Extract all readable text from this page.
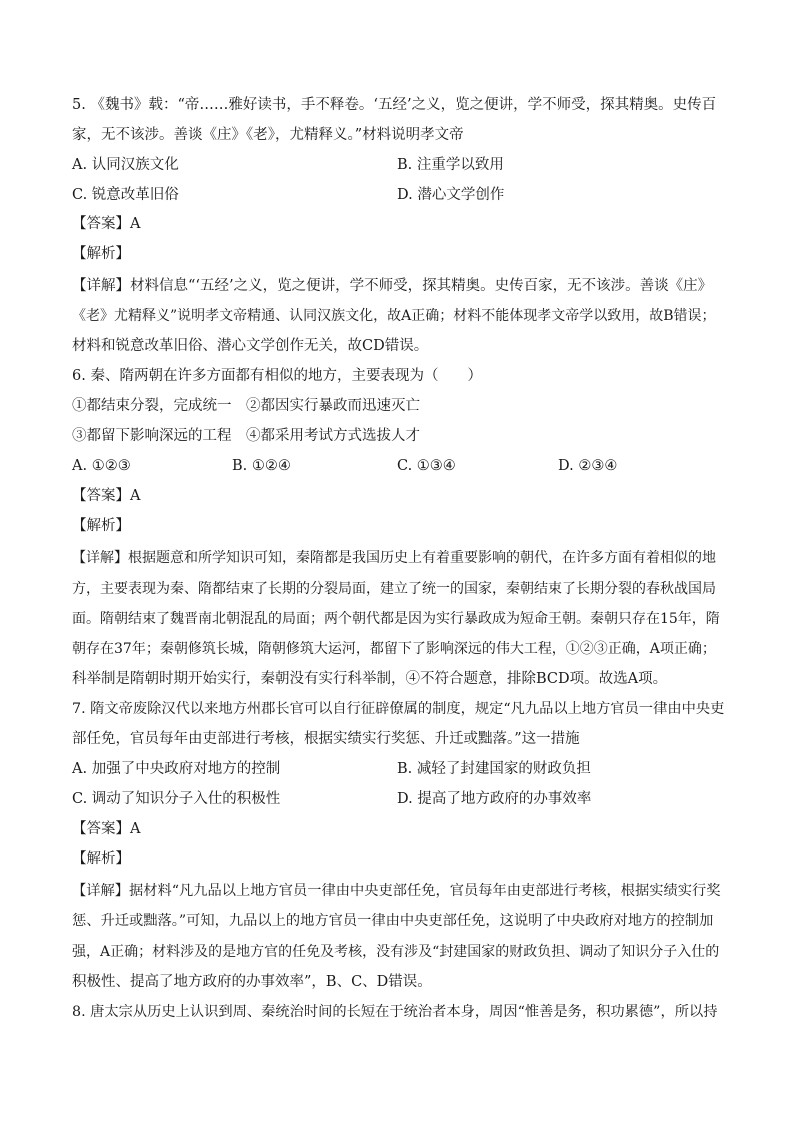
5. 《魏书》载：“帝……雅好读书，手不释卷。‘五经’之义，览之便讲，学不师受，探其精奥。史传百
家，无不该涉。善谈《庄》《老》，尤精释义。”材料说明孝文帝
A. 认同汉族文化	B. 注重学以致用
C. 锐意改革旧俗	D. 潜心文学创作
【答案】A
【解析】
【详解】材料信息“‘五经’之义，览之便讲，学不师受，探其精奥。史传百家，无不该涉。善谈《庄》
《老》尤精释义”说明孝文帝精通、认同汉族文化，故A正确；材料不能体现孝文帝学以致用，故B错误；
材料和锐意改革旧俗、潜心文学创作无关，故CD错误。
6. 秦、隋两朝在许多方面都有相似的地方，主要表现为（　　）
①都结束分裂，完成统一　②都因实行暴政而迅速灭亡
③都留下影响深远的工程　④都采用考试方式选拔人才
A. ①②③	B. ①②④	C. ①③④	D. ②③④
【答案】A
【解析】
【详解】根据题意和所学知识可知，秦隋都是我国历史上有着重要影响的朝代，在许多方面有着相似的地
方，主要表现为秦、隋都结束了长期的分裂局面，建立了统一的国家，秦朝结束了长期分裂的春秋战国局
面。隋朝结束了魏晋南北朝混乱的局面；两个朝代都是因为实行暴政成为短命王朝。秦朝只存在15年，隋
朝存在37年；秦朝修筑长城，隋朝修筑大运河，都留下了影响深远的伟大工程，①②③正确，A项正确；
科举制是隋朝时期开始实行，秦朝没有实行科举制，④不符合题意，排除BCD项。故选A项。
7. 隋文帝废除汉代以来地方州郡长官可以自行征辟僚属的制度，规定“凡九品以上地方官员一律由中央吏
部任免，官员每年由吏部进行考核，根据实绩实行奖惩、升迁或黜落。”这一措施
A. 加强了中央政府对地方的控制	B. 减轻了封建国家的财政负担
C. 调动了知识分子入仕的积极性	D. 提高了地方政府的办事效率
【答案】A
【解析】
【详解】据材料“凡九品以上地方官员一律由中央吏部任免，官员每年由吏部进行考核，根据实绩实行奖
惩、升迁或黜落。”可知，九品以上的地方官员一律由中央吏部任免，这说明了中央政府对地方的控制加
强，A正确；材料涉及的是地方官的任免及考核，没有涉及“封建国家的财政负担、调动了知识分子入仕的
积极性、提高了地方政府的办事效率”，B、C、D错误。
8. 唐太宗从历史上认识到周、秦统治时间的长短在于统治者本身，周因“惟善是务，积功累德”，所以持
